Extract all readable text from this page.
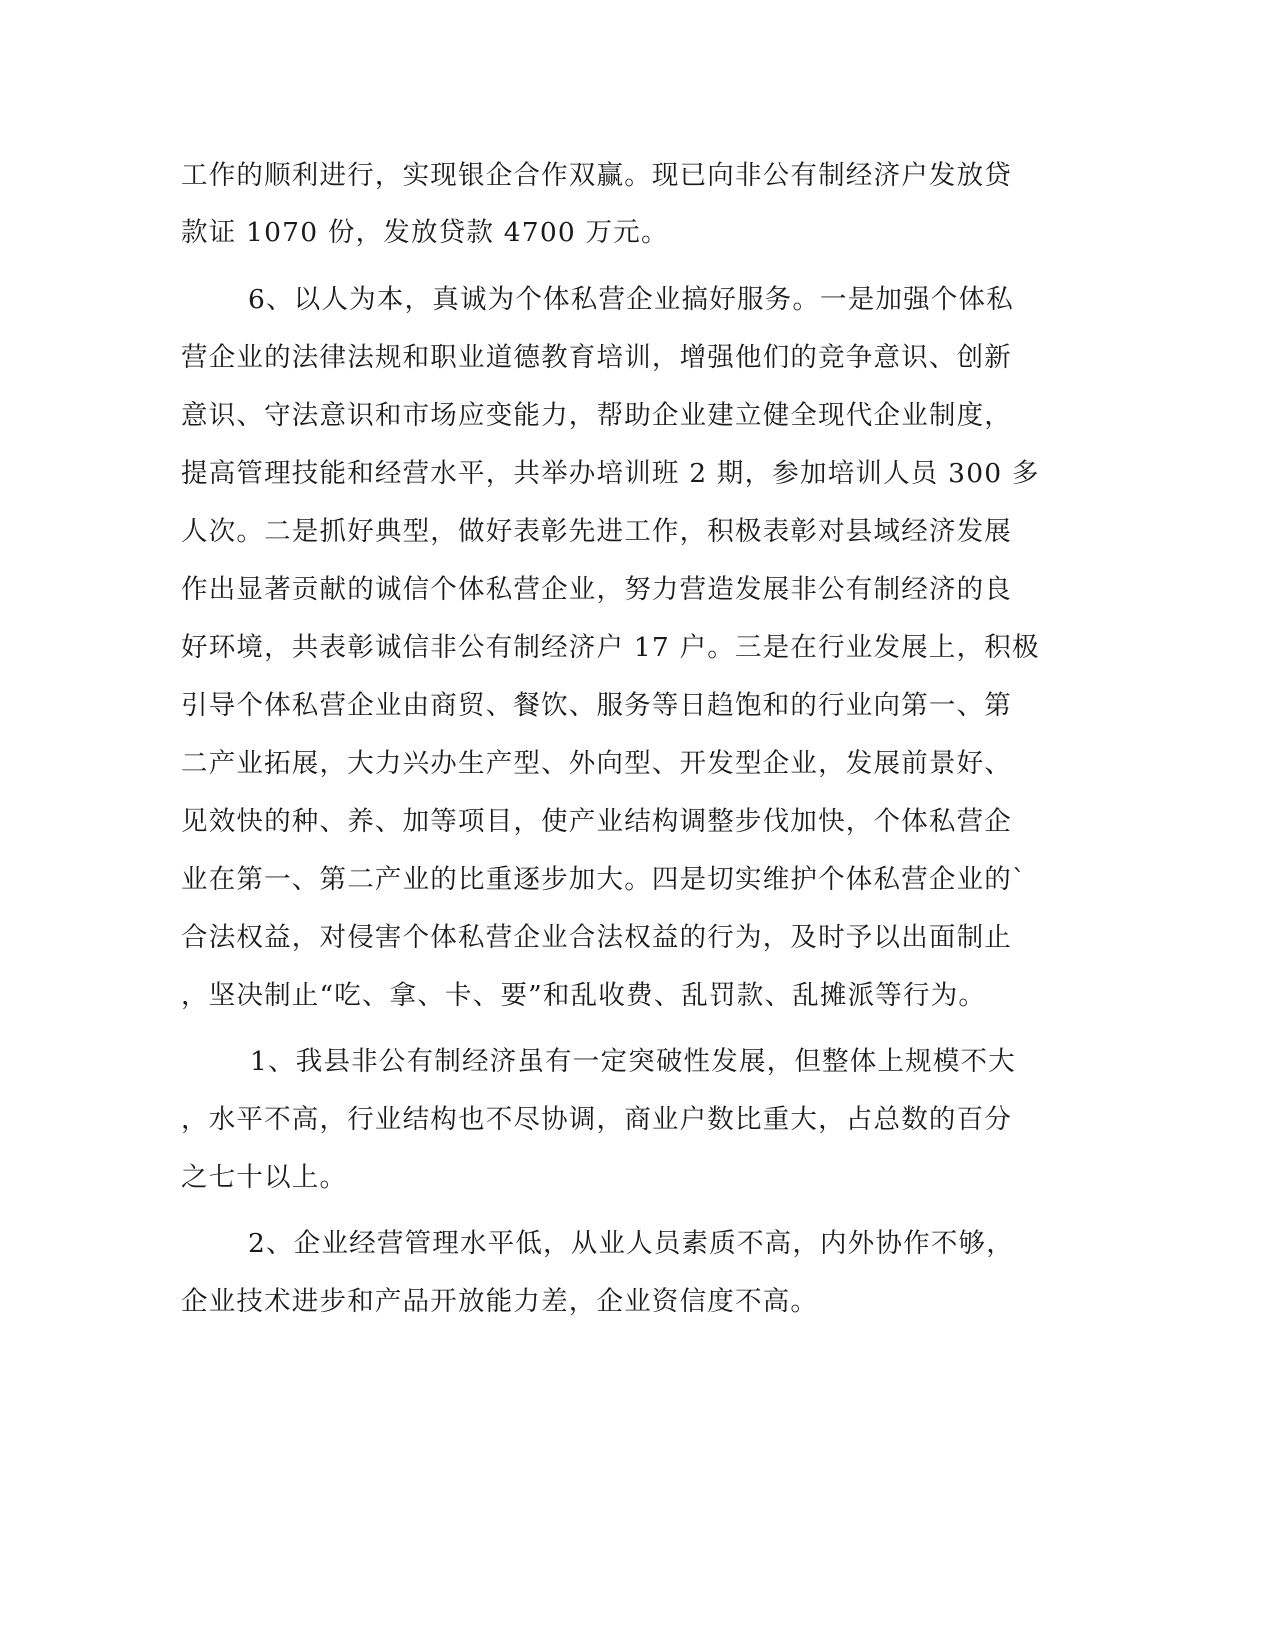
工作的顺利进行，实现银企合作双赢。现已向非公有制经济户发放贷
款证 1070 份，发放贷款 4700 万元。
6、以人为本，真诚为个体私营企业搞好服务。一是加强个体私
营企业的法律法规和职业道德教育培训，增强他们的竞争意识、创新
意识、守法意识和市场应变能力，帮助企业建立健全现代企业制度，
提高管理技能和经营水平，共举办培训班 2 期，参加培训人员 300 多
人次。二是抓好典型，做好表彰先进工作，积极表彰对县域经济发展
作出显著贡献的诚信个体私营企业，努力营造发展非公有制经济的良
好环境，共表彰诚信非公有制经济户 17 户。三是在行业发展上，积极
引导个体私营企业由商贸、餐饮、服务等日趋饱和的行业向第一、第
二产业拓展，大力兴办生产型、外向型、开发型企业，发展前景好、
见效快的种、养、加等项目，使产业结构调整步伐加快，个体私营企
业在第一、第二产业的比重逐步加大。四是切实维护个体私营企业的`
合法权益，对侵害个体私营企业合法权益的行为，及时予以出面制止
，坚决制止“吃、拿、卡、要”和乱收费、乱罚款、乱摊派等行为。
1、我县非公有制经济虽有一定突破性发展，但整体上规模不大
，水平不高，行业结构也不尽协调，商业户数比重大，占总数的百分
之七十以上。
2、企业经营管理水平低，从业人员素质不高，内外协作不够，
企业技术进步和产品开放能力差，企业资信度不高。
